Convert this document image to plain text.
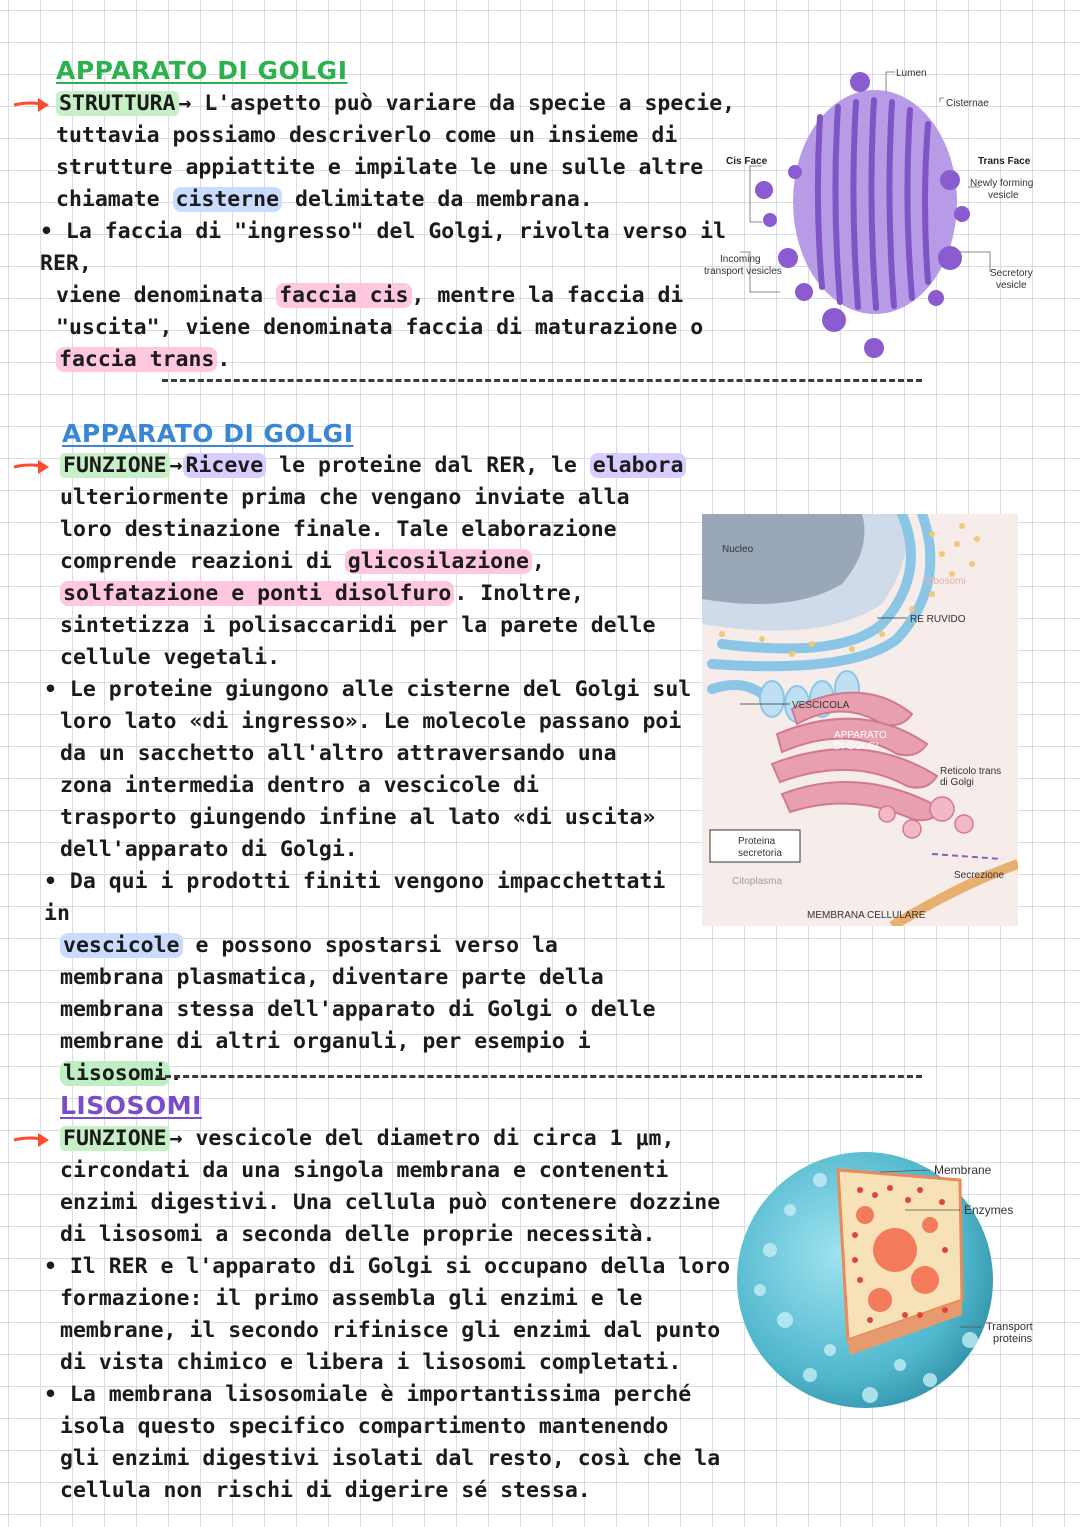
APPARATO DI GOLGI

STRUTTURA → L'aspetto può variare da specie a specie,

tuttavia possiamo descriverlo come un insieme di

strutture appiattite e impilate le une sulle altre

chiamate cisterne delimitate da membrana.

• La faccia di "ingresso" del Golgi, rivolta verso il RER,

viene denominata faccia cis , mentre la faccia di

"uscita", viene denominata faccia di maturazione o

faccia trans .

Lumen
Cisternae
Cis Face	Trans Face
Newly forming
vesicle
Incoming
transport vesicles	Secretory
vesicle
APPARATO DI GOLGI

FUNZIONE → Riceve le proteine dal RER, le elabora

ulteriormente prima che vengano inviate alla

loro destinazione finale. Tale elaborazione

comprende reazioni di glicosilazione ,

solfatazione e ponti disolfuro . Inoltre,

sintetizza i polisaccaridi per la parete delle

cellule vegetali.

• Le proteine giungono alle cisterne del Golgi sul

loro lato «di ingresso». Le molecole passano poi

da un sacchetto all'altro attraversando una

zona intermedia dentro a vescicole di

trasporto giungendo infine al lato «di uscita»

dell'apparato di Golgi.

• Da qui i prodotti finiti vengono impacchettati in

vescicole e possono spostarsi verso la

membrana plasmatica, diventare parte della

membrana stessa dell'apparato di Golgi o delle

membrane di altri organuli, per esempio i

lisosomi .

Nucleo
Ribosomi
RE RUVIDO
VESCICOLA
APPARATO
DI GOLGI
Reticolo trans
di Golgi
Proteina
secretoria
Citoplasma
Secrezione
MEMBRANA CELLULARE
LISOSOMI

FUNZIONE → vescicole del diametro di circa 1 μm,

circondati da una singola membrana e contenenti

enzimi digestivi. Una cellula può contenere dozzine

di lisosomi a seconda delle proprie necessità.

• Il RER e l'apparato di Golgi si occupano della loro

formazione: il primo assembla gli enzimi e le

membrane, il secondo rifinisce gli enzimi dal punto

di vista chimico e libera i lisosomi completati.

• La membrana lisosomiale è importantissima perché

isola questo specifico compartimento mantenendo

gli enzimi digestivi isolati dal resto, così che la

cellula non rischi di digerire sé stessa.

Membrane
Enzymes
Transport
proteins
